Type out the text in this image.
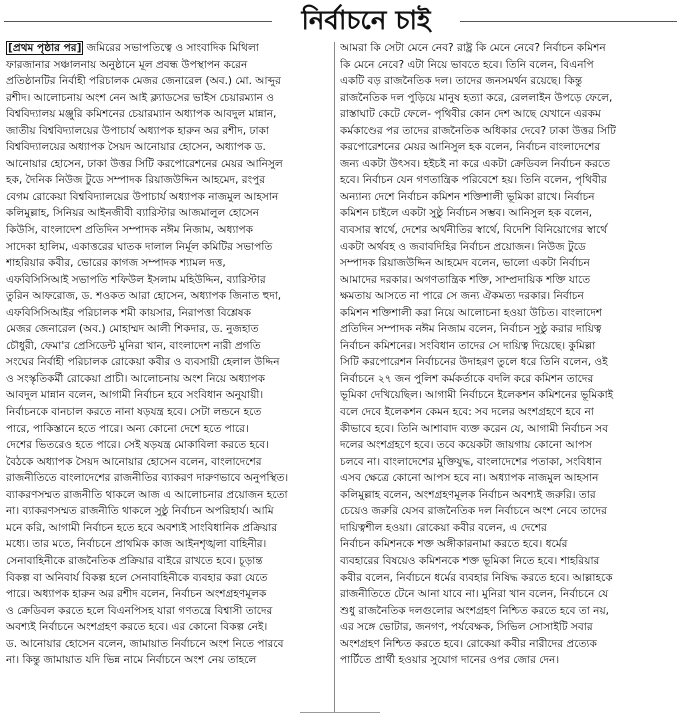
নির্বাচনে চাই
[প্রথম পৃষ্ঠার পর] জমিরের সভাপতিত্বে ও সাংবাদিক মিথিলা
ফারজানার সঞ্চালনায় অনুষ্ঠানে মূল প্রবন্ধ উপস্থাপন করেন
প্রতিষ্ঠানটির নির্বাহী পরিচালক মেজর জেনারেল (অব.) মো. আব্দুর
রশীদ। আলোচনায় অংশ নেন আই ক্ল্যাডসের ভাইস চেয়ারম্যান ও
বিশ্ববিদ্যালয় মঞ্জুরি কমিশনের চেয়ারম্যান অধ্যাপক আবদুল মান্নান,
জাতীয় বিশ্ববিদ্যালয়ের উপাচার্য অধ্যাপক হারুন অর রশীদ, ঢাকা
বিশ্ববিদ্যালয়ের অধ্যাপক সৈয়দ আনোয়ার হোসেন, অধ্যাপক ড.
আনোয়ার হোসেন, ঢাকা উত্তর সিটি করপোরেশনের মেয়র আনিসুল
হক, দৈনিক নিউজ টুডে সম্পাদক রিয়াজউদ্দিন আহমেদ, রংপুর
বেগম রোকেয়া বিশ্ববিদ্যালয়ের উপাচার্য অধ্যাপক নাজমুল আহসান
কলিমুল্লাহ, সিনিয়র আইনজীবী ব্যারিস্টার আজমালুল হোসেন
কিউসি, বাংলাদেশ প্রতিদিন সম্পাদক নঈম নিজাম, অধ্যাপক
সাদেকা হালিম, একাত্তরের ঘাতক দালাল নির্মূল কমিটির সভাপতি
শাহরিয়ার কবীর, ভোরের কাগজ সম্পাদক শ্যামল দত্ত,
এফবিসিসিআই সভাপতি শফিউল ইসলাম মহিউদ্দিন, ব্যারিস্টার
তুরিন আফরোজ, ড. শওকত আরা হোসেন, অধ্যাপক জিনাত হুদা,
এফবিসিসিআইর পরিচালক শমী কায়সার, নিরাপত্তা বিশ্লেষক
মেজর জেনারেল (অব.) মোহাম্মদ আলী শিকদার, ড. নুজহাত
চৌধুরী, ফেমা'র প্রেসিডেন্ট মুনিরা খান, বাংলাদেশ নারী প্রগতি
সংঘের নির্বাহী পরিচালক রোকেয়া কবীর ও ব্যবসায়ী হেলাল উদ্দিন
ও সংস্কৃতিকর্মী রোকেয়া প্রাচী। আলোচনায় অংশ নিয়ে অধ্যাপক
আবদুল মান্নান বলেন, আগামী নির্বাচন হবে সংবিধান অনুযায়ী।
নির্বাচনকে বানচাল করতে নানা ষড়যন্ত্র হবে। সেটা লন্ডনে হতে
পারে, পাকিস্তানে হতে পারে। অন্য কোনো দেশে হতে পারে।
দেশের ভিতরেও হতে পারে। সেই ষড়যন্ত্র মোকাবিলা করতে হবে।
বৈঠকে অধ্যাপক সৈয়দ আনোয়ার হোসেন বলেন, বাংলাদেশের
রাজনীতিতে বাংলাদেশের রাজনীতির ব্যাকরণ দারুণভাবে অনুপস্থিত।
ব্যাকরণসম্মত রাজনীতি থাকলে আজ এ আলোচনার প্রয়োজন হতো
না। ব্যাকরণসম্মত রাজনীতি থাকলে সুষ্ঠু নির্বাচন অপরিহার্য। আমি
মনে করি, আগামী নির্বাচন হতে হবে অবশ্যই সাংবিধানিক প্রক্রিয়ার
মধ্যে। তার মতে, নির্বাচনে প্রাথমিক কাজ আইনশৃঙ্খলা বাহিনীর।
সেনাবাহিনীকে রাজনৈতিক প্রক্রিয়ার বাইরে রাখতে হবে। চূড়ান্ত
বিকল্প বা অনিবার্য বিকল্প হলে সেনাবাহিনীকে ব্যবহার করা যেতে
পারে। অধ্যাপক হারুন অর রশীদ বলেন, নির্বাচন অংশগ্রহণমূলক
ও ক্রেডিবল করতে হলে বিএনপিসহ যারা গণতন্ত্রে বিশ্বাসী তাদের
অবশ্যই নির্বাচনে অংশগ্রহণ করতে হবে। এর কোনো বিকল্প নেই।
ড. আনোয়ার হোসেন বলেন, জামায়াত নির্বাচনে অংশ নিতে পারবে
না। কিন্তু জামায়াত যদি ভিন্ন নামে নির্বাচনে অংশ নেয় তাহলে
আমরা কি সেটা মেনে নেব? রাষ্ট্র কি মেনে নেবে? নির্বাচন কমিশন
কি মেনে নেবে? এটা নিয়ে ভাবতে হবে। তিনি বলেন, বিএনপি
একটি বড় রাজনৈতিক দল। তাদের জনসমর্থন রয়েছে। কিন্তু
রাজনৈতিক দল পুড়িয়ে মানুষ হত্যা করে, রেললাইন উপড়ে ফেলে,
রাস্তাঘাট কেটে ফেলে- পৃথিবীর কোন দেশ আছে যেখানে এরকম
কর্মকাণ্ডের পর তাদের রাজনৈতিক অধিকার দেবে? ঢাকা উত্তর সিটি
করপোরেশনের মেয়র আনিসুল হক বলেন, নির্বাচন বাংলাদেশের
জন্য একটা উৎসব। হইচই না করে একটা ক্রেডিবল নির্বাচন করতে
হবে। নির্বাচন যেন গণতান্ত্রিক পরিবেশে হয়। তিনি বলেন, পৃথিবীর
অন্যান্য দেশে নির্বাচন কমিশন শক্তিশালী ভূমিকা রাখে। নির্বাচন
কমিশন চাইলে একটা সুষ্ঠু নির্বাচন সম্ভব। আনিসুল হক বলেন,
ব্যবসার স্বার্থে, দেশের অর্থনীতির স্বার্থে, বিদেশি বিনিয়োগের স্বার্থে
একটা অর্থবহ ও জবাবদিহির নির্বাচন প্রয়োজন। নিউজ টুডে
সম্পাদক রিয়াজউদ্দিন আহমেদ বলেন, ভালো একটা নির্বাচন
আমাদের দরকার। অগণতান্ত্রিক শক্তি, সাম্প্রদায়িক শক্তি যাতে
ক্ষমতায় আসতে না পারে সে জন্য ঐকমত্য দরকার। নির্বাচন
কমিশন শক্তিশালী করা নিয়ে আলোচনা হওয়া উচিত। বাংলাদেশ
প্রতিদিন সম্পাদক নঈম নিজাম বলেন, নির্বাচন সুষ্ঠু করার দায়িত্ব
নির্বাচন কমিশনের। সংবিধান তাদের সে দায়িত্ব দিয়েছে। কুমিল্লা
সিটি করপোরেশন নির্বাচনের উদাহরণ তুলে ধরে তিনি বলেন, ওই
নির্বাচনে ২৭ জন পুলিশ কর্মকর্তাকে বদলি করে কমিশন তাদের
ভূমিকা দেখিয়েছিল। আগামী নির্বাচনে ইলেকশন কমিশনের ভূমিকাই
বলে দেবে ইলেকশন কেমন হবে: সব দলের অংশগ্রহণে হবে না
কীভাবে হবে। তিনি আশাবাদ ব্যক্ত করেন যে, আগামী নির্বাচন সব
দলের অংশগ্রহণে হবে। তবে কয়েকটা জায়গায় কোনো আপস
চলবে না। বাংলাদেশের মুক্তিযুদ্ধ, বাংলাদেশের পতাকা, সংবিধান
এসব ক্ষেত্রে কোনো আপস হবে না। অধ্যাপক নাজমুল আহসান
কলিমুল্লাহ বলেন, অংশগ্রহণমূলক নির্বাচন অবশ্যই জরুরি। তার
চেয়েও জরুরি যেসব রাজনৈতিক দল নির্বাচনে অংশ নেবে তাদের
দায়িত্বশীল হওয়া। রোকেয়া কবীর বলেন, এ দেশের
নির্বাচন কমিশনকে শক্ত অঙ্গীকারনামা করতে হবে। ধর্মের
ব্যবহারের বিষয়েও কমিশনকে শক্ত ভূমিকা নিতে হবে। শাহরিয়ার
কবীর বলেন, নির্বাচনে ধর্মের ব্যবহার নিষিদ্ধ করতে হবে। আল্লাহকে
রাজনীতিতে টেনে আনা যাবে না। মুনিরা খান বলেন, নির্বাচনে যে
শুধু রাজনৈতিক দলগুলোর অংশগ্রহণ নিশ্চিত করতে হবে তা নয়,
এর সঙ্গে ভোটার, জনগণ, পর্যবেক্ষক, সিভিল সোসাইটি সবার
অংশগ্রহণ নিশ্চিত করতে হবে। রোকেয়া কবীর নারীদের প্রত্যেক
পার্টিতে প্রার্থী হওয়ার সুযোগ দানের ওপর জোর দেন।
